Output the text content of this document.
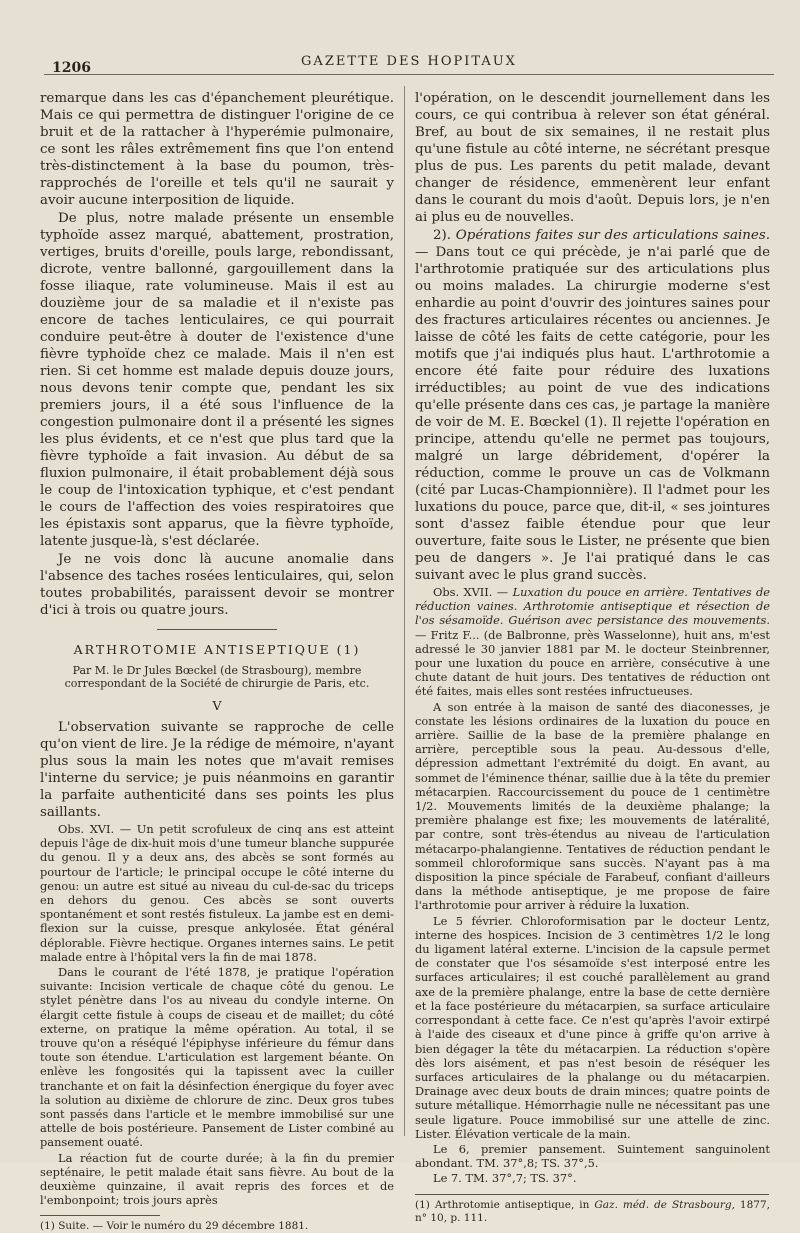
1206	GAZETTE DES HOPITAUX

remarque dans les cas d'épanchement pleurétique. Mais ce qui permettra de distinguer l'origine de ce bruit et de la rattacher à l'hyperémie pulmonaire, ce sont les râles extrêmement fins que l'on entend très-distinctement à la base du poumon, très-rapprochés de l'oreille et tels qu'il ne saurait y avoir aucune interposition de liquide.

De plus, notre malade présente un ensemble typhoïde assez marqué, abattement, prostration, vertiges, bruits d'oreille, pouls large, rebondissant, dicrote, ventre ballonné, gargouillement dans la fosse iliaque, rate volumineuse. Mais il est au douzième jour de sa maladie et il n'existe pas encore de taches lenticulaires, ce qui pourrait conduire peut-être à douter de l'existence d'une fièvre typhoïde chez ce malade. Mais il n'en est rien. Si cet homme est malade depuis douze jours, nous devons tenir compte que, pendant les six premiers jours, il a été sous l'influence de la congestion pulmonaire dont il a présenté les signes les plus évidents, et ce n'est que plus tard que la fièvre typhoïde a fait invasion. Au début de sa fluxion pulmonaire, il était probablement déjà sous le coup de l'intoxication typhique, et c'est pendant le cours de l'affection des voies respiratoires que les épistaxis sont apparus, que la fièvre typhoïde, latente jusque-là, s'est déclarée.

Je ne vois donc là aucune anomalie dans l'absence des taches rosées lenticulaires, qui, selon toutes probabilités, paraissent devoir se montrer d'ici à trois ou quatre jours.

ARTHROTOMIE ANTISEPTIQUE (1)
Par M. le Dr Jules Bœckel (de Strasbourg), membre correspondant de la Société de chirurgie de Paris, etc.
V

L'observation suivante se rapproche de celle qu'on vient de lire. Je la rédige de mémoire, n'ayant plus sous la main les notes que m'avait remises l'interne du service; je puis néanmoins en garantir la parfaite authenticité dans ses points les plus saillants.

Obs. XVI. — Un petit scrofuleux de cinq ans est atteint depuis l'âge de dix-huit mois d'une tumeur blanche suppurée du genou. Il y a deux ans, des abcès se sont formés au pourtour de l'article; le principal occupe le côté interne du genou: un autre est situé au niveau du cul-de-sac du triceps en dehors du genou. Ces abcès se sont ouverts spontanément et sont restés fistuleux. La jambe est en demi-flexion sur la cuisse, presque ankylosée. État général déplorable. Fièvre hectique. Organes internes sains. Le petit malade entre à l'hôpital vers la fin de mai 1878.

Dans le courant de l'été 1878, je pratique l'opération suivante: Incision verticale de chaque côté du genou. Le stylet pénètre dans l'os au niveau du condyle interne. On élargit cette fistule à coups de ciseau et de maillet; du côté externe, on pratique la même opération. Au total, il se trouve qu'on a réséqué l'épiphyse inférieure du fémur dans toute son étendue. L'articulation est largement béante. On enlève les fongosités qui la tapissent avec la cuiller tranchante et on fait la désinfection énergique du foyer avec la solution au dixième de chlorure de zinc. Deux gros tubes sont passés dans l'article et le membre immobilisé sur une attelle de bois postérieure. Pansement de Lister combiné au pansement ouaté.

La réaction fut de courte durée; à la fin du premier septénaire, le petit malade était sans fièvre. Au bout de la deuxième quinzaine, il avait repris des forces et de l'embonpoint; trois jours après

(1) Suite. — Voir le numéro du 29 décembre 1881.

l'opération, on le descendit journellement dans les cours, ce qui contribua à relever son état général. Bref, au bout de six semaines, il ne restait plus qu'une fistule au côté interne, ne sécrétant presque plus de pus. Les parents du petit malade, devant changer de résidence, emmenèrent leur enfant dans le courant du mois d'août. Depuis lors, je n'en ai plus eu de nouvelles.

2). Opérations faites sur des articulations saines. — Dans tout ce qui précède, je n'ai parlé que de l'arthrotomie pratiquée sur des articulations plus ou moins malades. La chirurgie moderne s'est enhardie au point d'ouvrir des jointures saines pour des fractures articulaires récentes ou anciennes. Je laisse de côté les faits de cette catégorie, pour les motifs que j'ai indiqués plus haut. L'arthrotomie a encore été faite pour réduire des luxations irréductibles; au point de vue des indications qu'elle présente dans ces cas, je partage la manière de voir de M. E. Bœckel (1). Il rejette l'opération en principe, attendu qu'elle ne permet pas toujours, malgré un large débridement, d'opérer la réduction, comme le prouve un cas de Volkmann (cité par Lucas-Championnière). Il l'admet pour les luxations du pouce, parce que, dit-il, « ses jointures sont d'assez faible étendue pour que leur ouverture, faite sous le Lister, ne présente que bien peu de dangers ». Je l'ai pratiqué dans le cas suivant avec le plus grand succès.

Obs. XVII. — Luxation du pouce en arrière. Tentatives de réduction vaines. Arthrotomie antiseptique et résection de l'os sésamoïde. Guérison avec persistance des mouvements. — Fritz F... (de Balbronne, près Wasselonne), huit ans, m'est adressé le 30 janvier 1881 par M. le docteur Steinbrenner, pour une luxation du pouce en arrière, consécutive à une chute datant de huit jours. Des tentatives de réduction ont été faites, mais elles sont restées infructueuses.

A son entrée à la maison de santé des diaconesses, je constate les lésions ordinaires de la luxation du pouce en arrière. Saillie de la base de la première phalange en arrière, perceptible sous la peau. Au-dessous d'elle, dépression admettant l'extrémité du doigt. En avant, au sommet de l'éminence thénar, saillie due à la tête du premier métacarpien. Raccourcissement du pouce de 1 centimètre 1/2. Mouvements limités de la deuxième phalange; la première phalange est fixe; les mouvements de latéralité, par contre, sont très-étendus au niveau de l'articulation métacarpo-phalangienne. Tentatives de réduction pendant le sommeil chloroformique sans succès. N'ayant pas à ma disposition la pince spéciale de Farabeuf, confiant d'ailleurs dans la méthode antiseptique, je me propose de faire l'arthrotomie pour arriver à réduire la luxation.

Le 5 février. Chloroformisation par le docteur Lentz, interne des hospices. Incision de 3 centimètres 1/2 le long du ligament latéral externe. L'incision de la capsule permet de constater que l'os sésamoïde s'est interposé entre les surfaces articulaires; il est couché parallèlement au grand axe de la première phalange, entre la base de cette dernière et la face postérieure du métacarpien, sa surface articulaire correspondant à cette face. Ce n'est qu'après l'avoir extirpé à l'aide des ciseaux et d'une pince à griffe qu'on arrive à bien dégager la tête du métacarpien. La réduction s'opère dès lors aisément, et pas n'est besoin de réséquer les surfaces articulaires de la phalange ou du métacarpien. Drainage avec deux bouts de drain minces; quatre points de suture métallique. Hémorrhagie nulle ne nécessitant pas une seule ligature. Pouce immobilisé sur une attelle de zinc. Lister. Élévation verticale de la main.

Le 6, premier pansement. Suintement sanguinolent abondant. TM. 37°,8; TS. 37°,5.

Le 7. TM. 37°,7; TS. 37°.

(1) Arthrotomie antiseptique, in Gaz. méd. de Strasbourg, 1877, n° 10, p. 111.
